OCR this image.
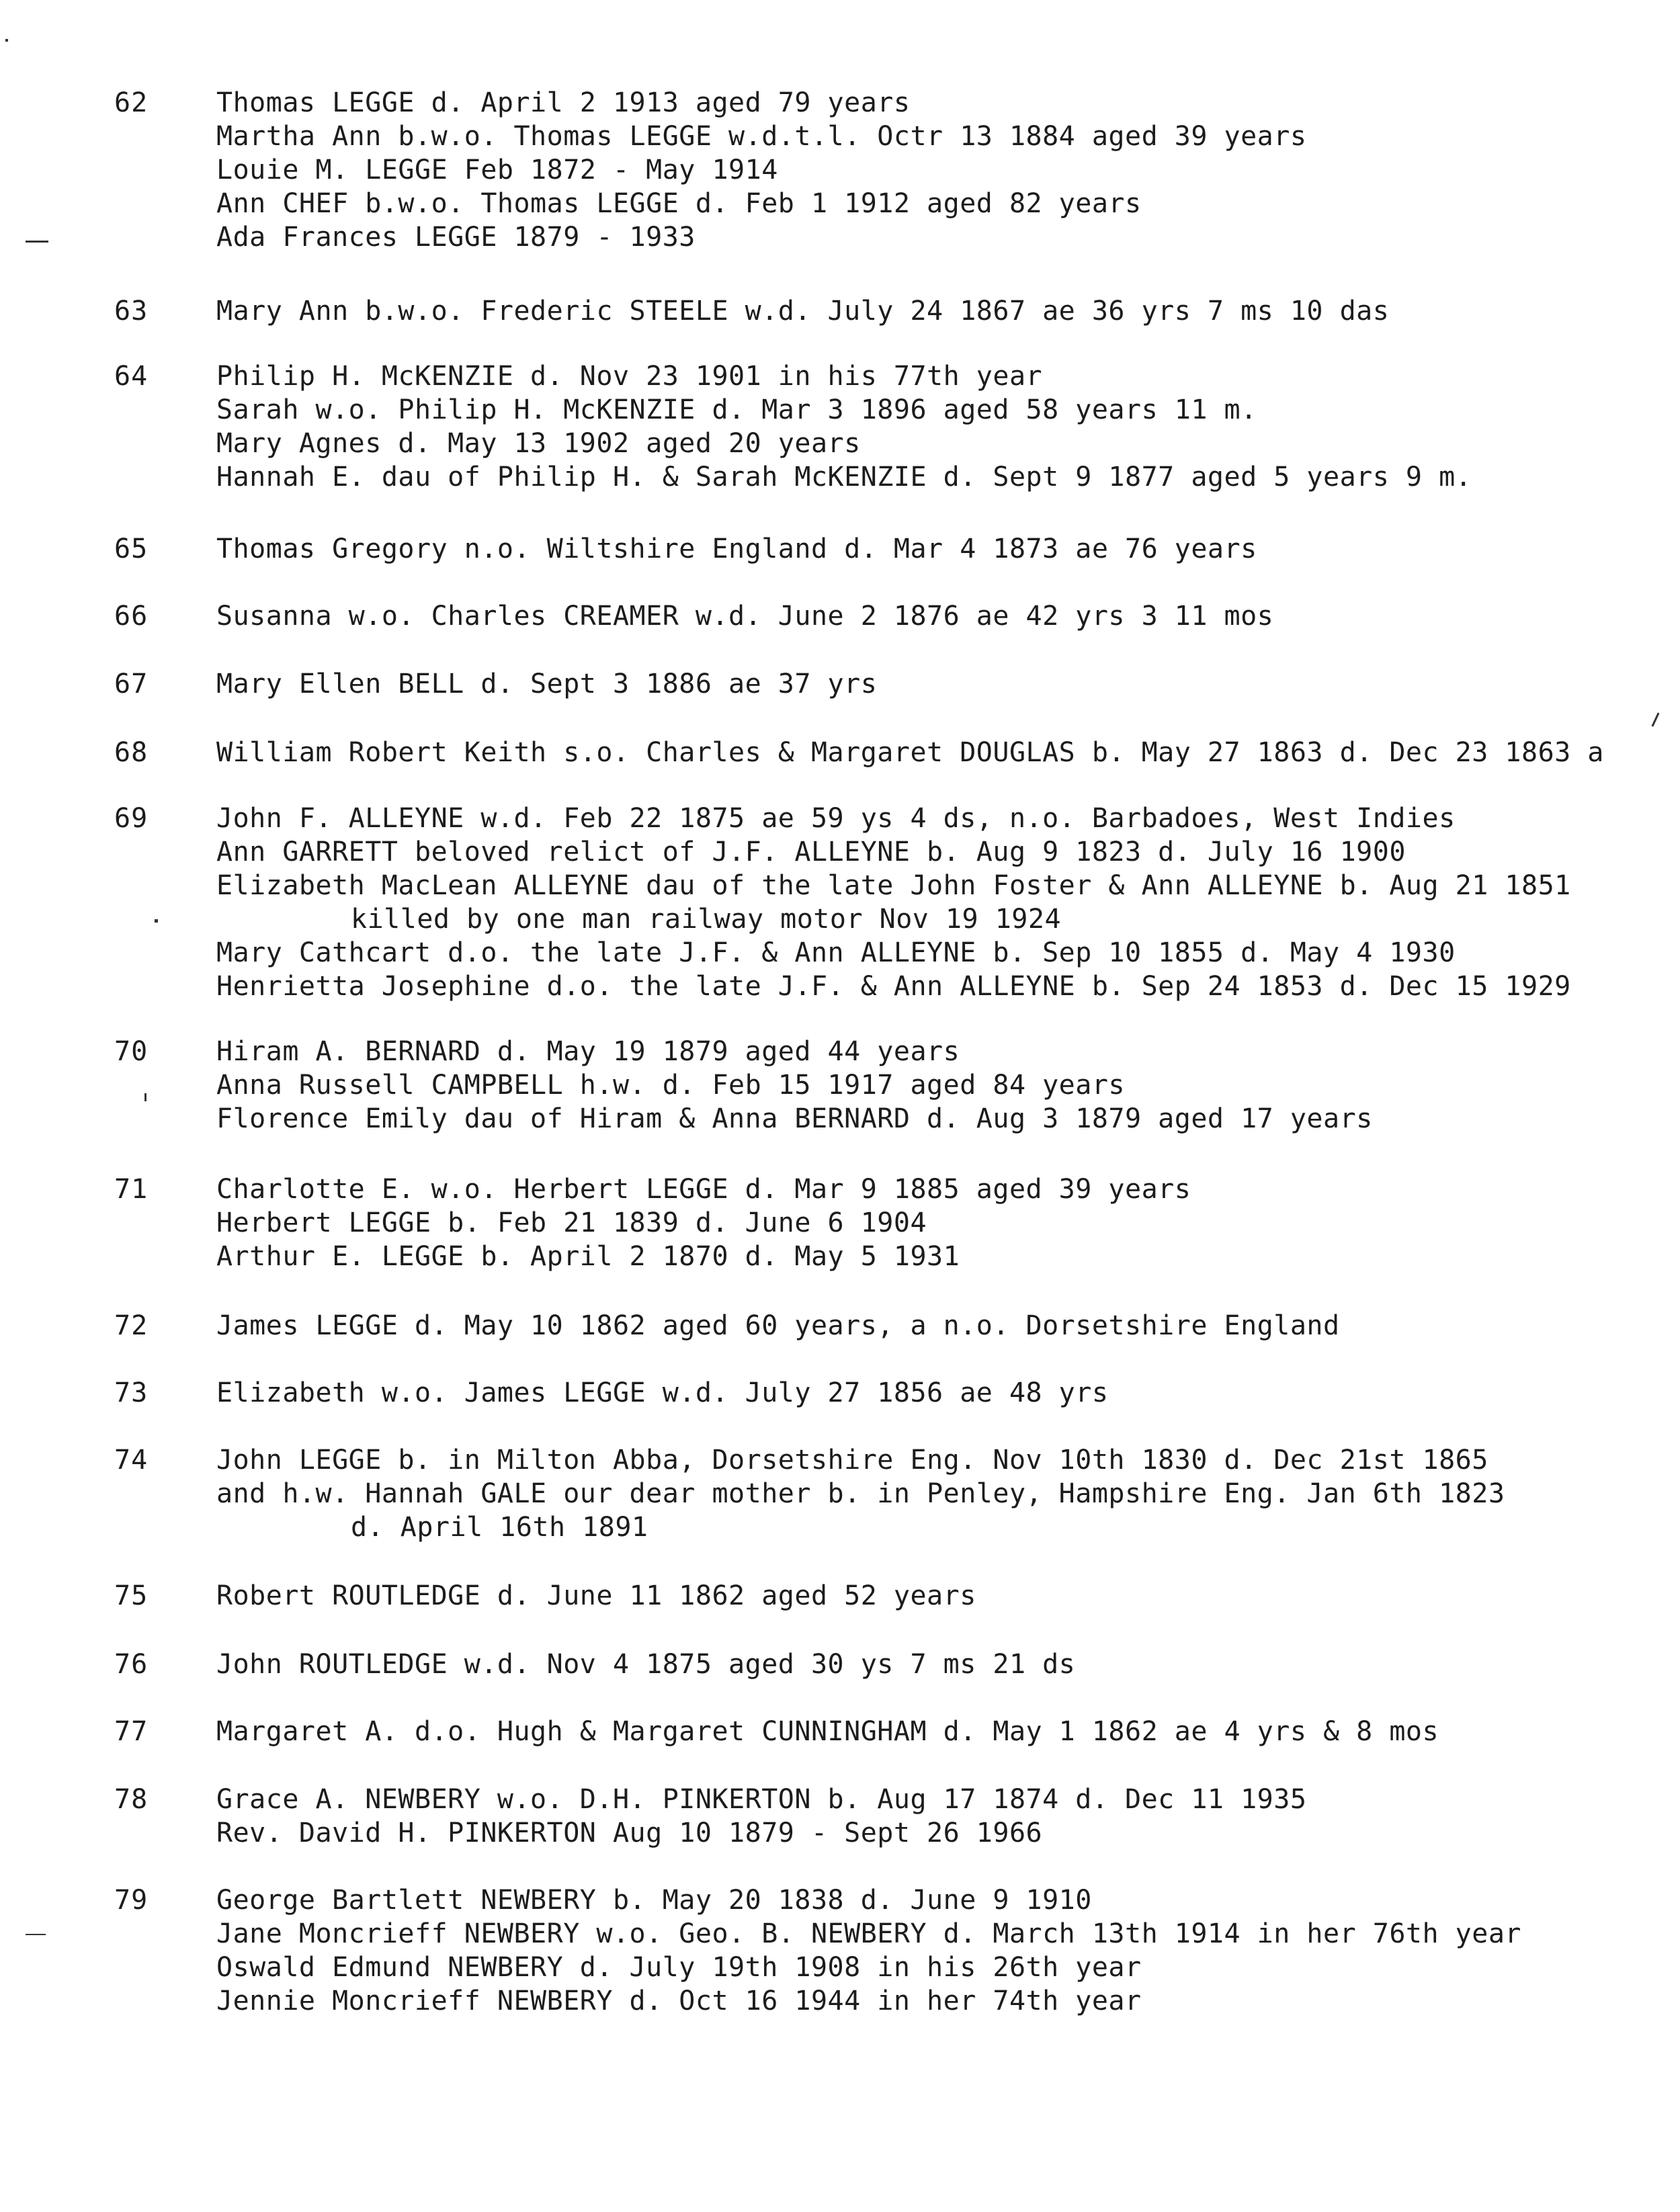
62	Thomas LEGGE d. April 2 1913 aged 79 years
Martha Ann b.w.o. Thomas LEGGE w.d.t.l. Octr 13 1884 aged 39 years
Louie M. LEGGE Feb 1872 - May 1914
Ann CHEF b.w.o. Thomas LEGGE d. Feb 1 1912 aged 82 years
Ada Frances LEGGE 1879 - 1933
63	Mary Ann b.w.o. Frederic STEELE w.d. July 24 1867 ae 36 yrs 7 ms 10 das
64	Philip H. McKENZIE d. Nov 23 1901 in his 77th year
Sarah w.o. Philip H. McKENZIE d. Mar 3 1896 aged 58 years 11 m.
Mary Agnes d. May 13 1902 aged 20 years
Hannah E. dau of Philip H. & Sarah McKENZIE d. Sept 9 1877 aged 5 years 9 m.
65	Thomas Gregory n.o. Wiltshire England d. Mar 4 1873 ae 76 years
66	Susanna w.o. Charles CREAMER w.d. June 2 1876 ae 42 yrs 3 11 mos
67	Mary Ellen BELL d. Sept 3 1886 ae 37 yrs
68	William Robert Keith s.o. Charles & Margaret DOUGLAS b. May 27 1863 d. Dec 23 1863 a
69	John F. ALLEYNE w.d. Feb 22 1875 ae 59 ys 4 ds, n.o. Barbadoes, West Indies
Ann GARRETT beloved relict of J.F. ALLEYNE b. Aug 9 1823 d. July 16 1900
Elizabeth MacLean ALLEYNE dau of the late John Foster & Ann ALLEYNE b. Aug 21 1851
killed by one man railway motor Nov 19 1924
Mary Cathcart d.o. the late J.F. & Ann ALLEYNE b. Sep 10 1855 d. May 4 1930
Henrietta Josephine d.o. the late J.F. & Ann ALLEYNE b. Sep 24 1853 d. Dec 15 1929
70	Hiram A. BERNARD d. May 19 1879 aged 44 years
Anna Russell CAMPBELL h.w. d. Feb 15 1917 aged 84 years
Florence Emily dau of Hiram & Anna BERNARD d. Aug 3 1879 aged 17 years
71	Charlotte E. w.o. Herbert LEGGE d. Mar 9 1885 aged 39 years
Herbert LEGGE b. Feb 21 1839 d. June 6 1904
Arthur E. LEGGE b. April 2 1870 d. May 5 1931
72	James LEGGE d. May 10 1862 aged 60 years, a n.o. Dorsetshire England
73	Elizabeth w.o. James LEGGE w.d. July 27 1856 ae 48 yrs
74	John LEGGE b. in Milton Abba, Dorsetshire Eng. Nov 10th 1830 d. Dec 21st 1865
and h.w. Hannah GALE our dear mother b. in Penley, Hampshire Eng. Jan 6th 1823
d. April 16th 1891
75	Robert ROUTLEDGE d. June 11 1862 aged 52 years
76	John ROUTLEDGE w.d. Nov 4 1875 aged 30 ys 7 ms 21 ds
77	Margaret A. d.o. Hugh & Margaret CUNNINGHAM d. May 1 1862 ae 4 yrs & 8 mos
78	Grace A. NEWBERY w.o. D.H. PINKERTON b. Aug 17 1874 d. Dec 11 1935
Rev. David H. PINKERTON Aug 10 1879 - Sept 26 1966
79	George Bartlett NEWBERY b. May 20 1838 d. June 9 1910
Jane Moncrieff NEWBERY w.o. Geo. B. NEWBERY d. March 13th 1914 in her 76th year
Oswald Edmund NEWBERY d. July 19th 1908 in his 26th year
Jennie Moncrieff NEWBERY d. Oct 16 1944 in her 74th year
